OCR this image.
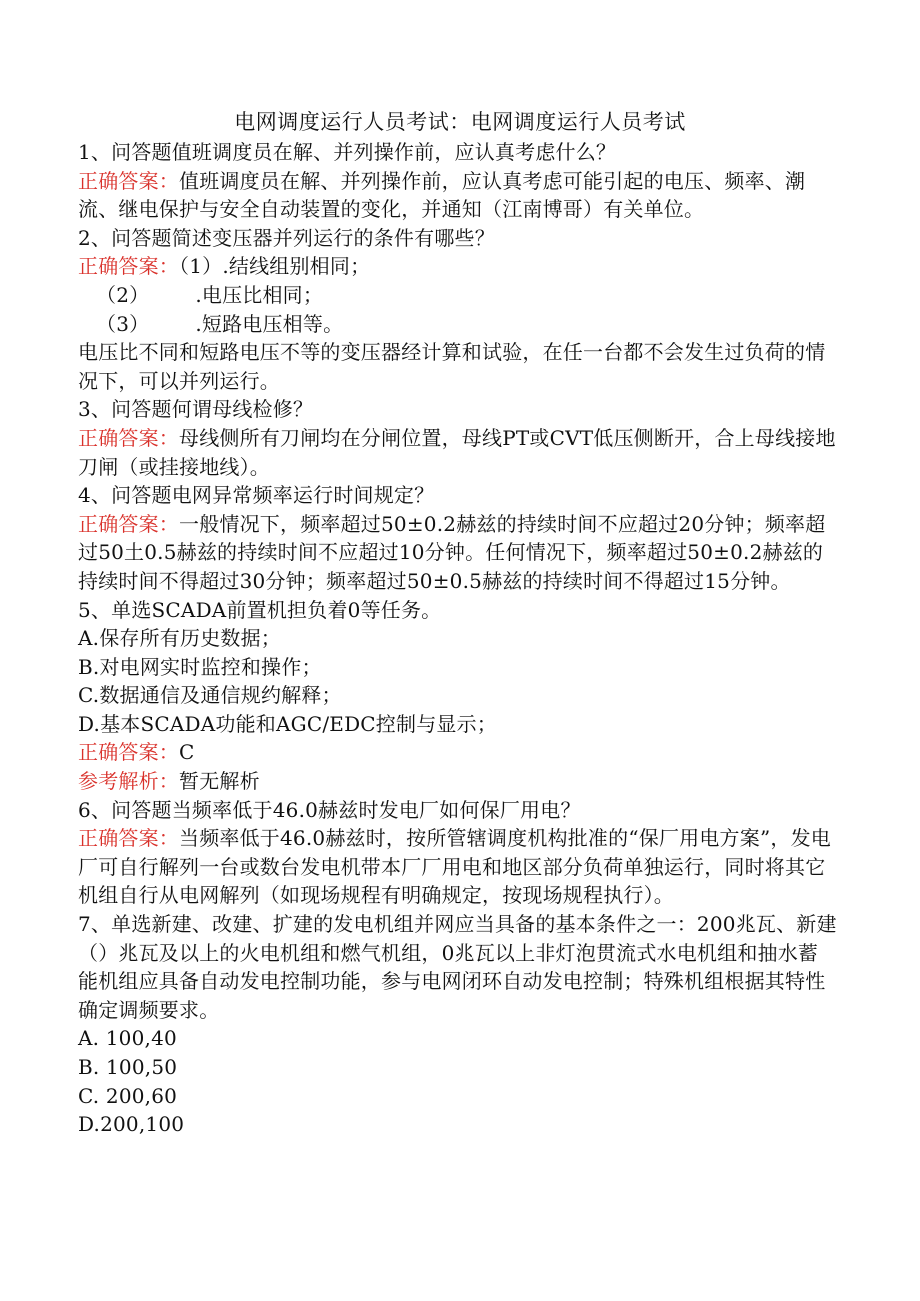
电网调度运行人员考试：电网调度运行人员考试
1、问答题值班调度员在解、并列操作前，应认真考虑什么？
正确答案：值班调度员在解、并列操作前，应认真考虑可能引起的电压、频率、潮流、继电保护与安全自动装置的变化，并通知（江南博哥）有关单位。
2、问答题简述变压器并列运行的条件有哪些？
正确答案：（1）.结线组别相同；
（2） .电压比相同；
（3） .短路电压相等。
电压比不同和短路电压不等的变压器经计算和试验，在任一台都不会发生过负荷的情况下，可以并列运行。
3、问答题何谓母线检修？
正确答案：母线侧所有刀闸均在分闸位置，母线PT或CVT低压侧断开，合上母线接地刀闸（或挂接地线）。
4、问答题电网异常频率运行时间规定？
正确答案：一般情况下，频率超过50±0.2赫兹的持续时间不应超过20分钟；频率超过50土0.5赫兹的持续时间不应超过10分钟。任何情况下，频率超过50±0.2赫兹的持续时间不得超过30分钟；频率超过50±0.5赫兹的持续时间不得超过15分钟。
5、单选SCADA前置机担负着0等任务。
A.保存所有历史数据；
B.对电网实时监控和操作；
C.数据通信及通信规约解释；
D.基本SCADA功能和AGC/EDC控制与显示；
正确答案：C
参考解析：暂无解析
6、问答题当频率低于46.0赫兹时发电厂如何保厂用电？
正确答案：当频率低于46.0赫兹时，按所管辖调度机构批准的“保厂用电方案”，发电厂可自行解列一台或数台发电机带本厂厂用电和地区部分负荷单独运行，同时将其它机组自行从电网解列（如现场规程有明确规定，按现场规程执行）。
7、单选新建、改建、扩建的发电机组并网应当具备的基本条件之一：200兆瓦、新建（）兆瓦及以上的火电机组和燃气机组，0兆瓦以上非灯泡贯流式水电机组和抽水蓄能机组应具备自动发电控制功能，参与电网闭环自动发电控制；特殊机组根据其特性确定调频要求。
A. 100,40
B. 100,50
C. 200,60
D.200,100
